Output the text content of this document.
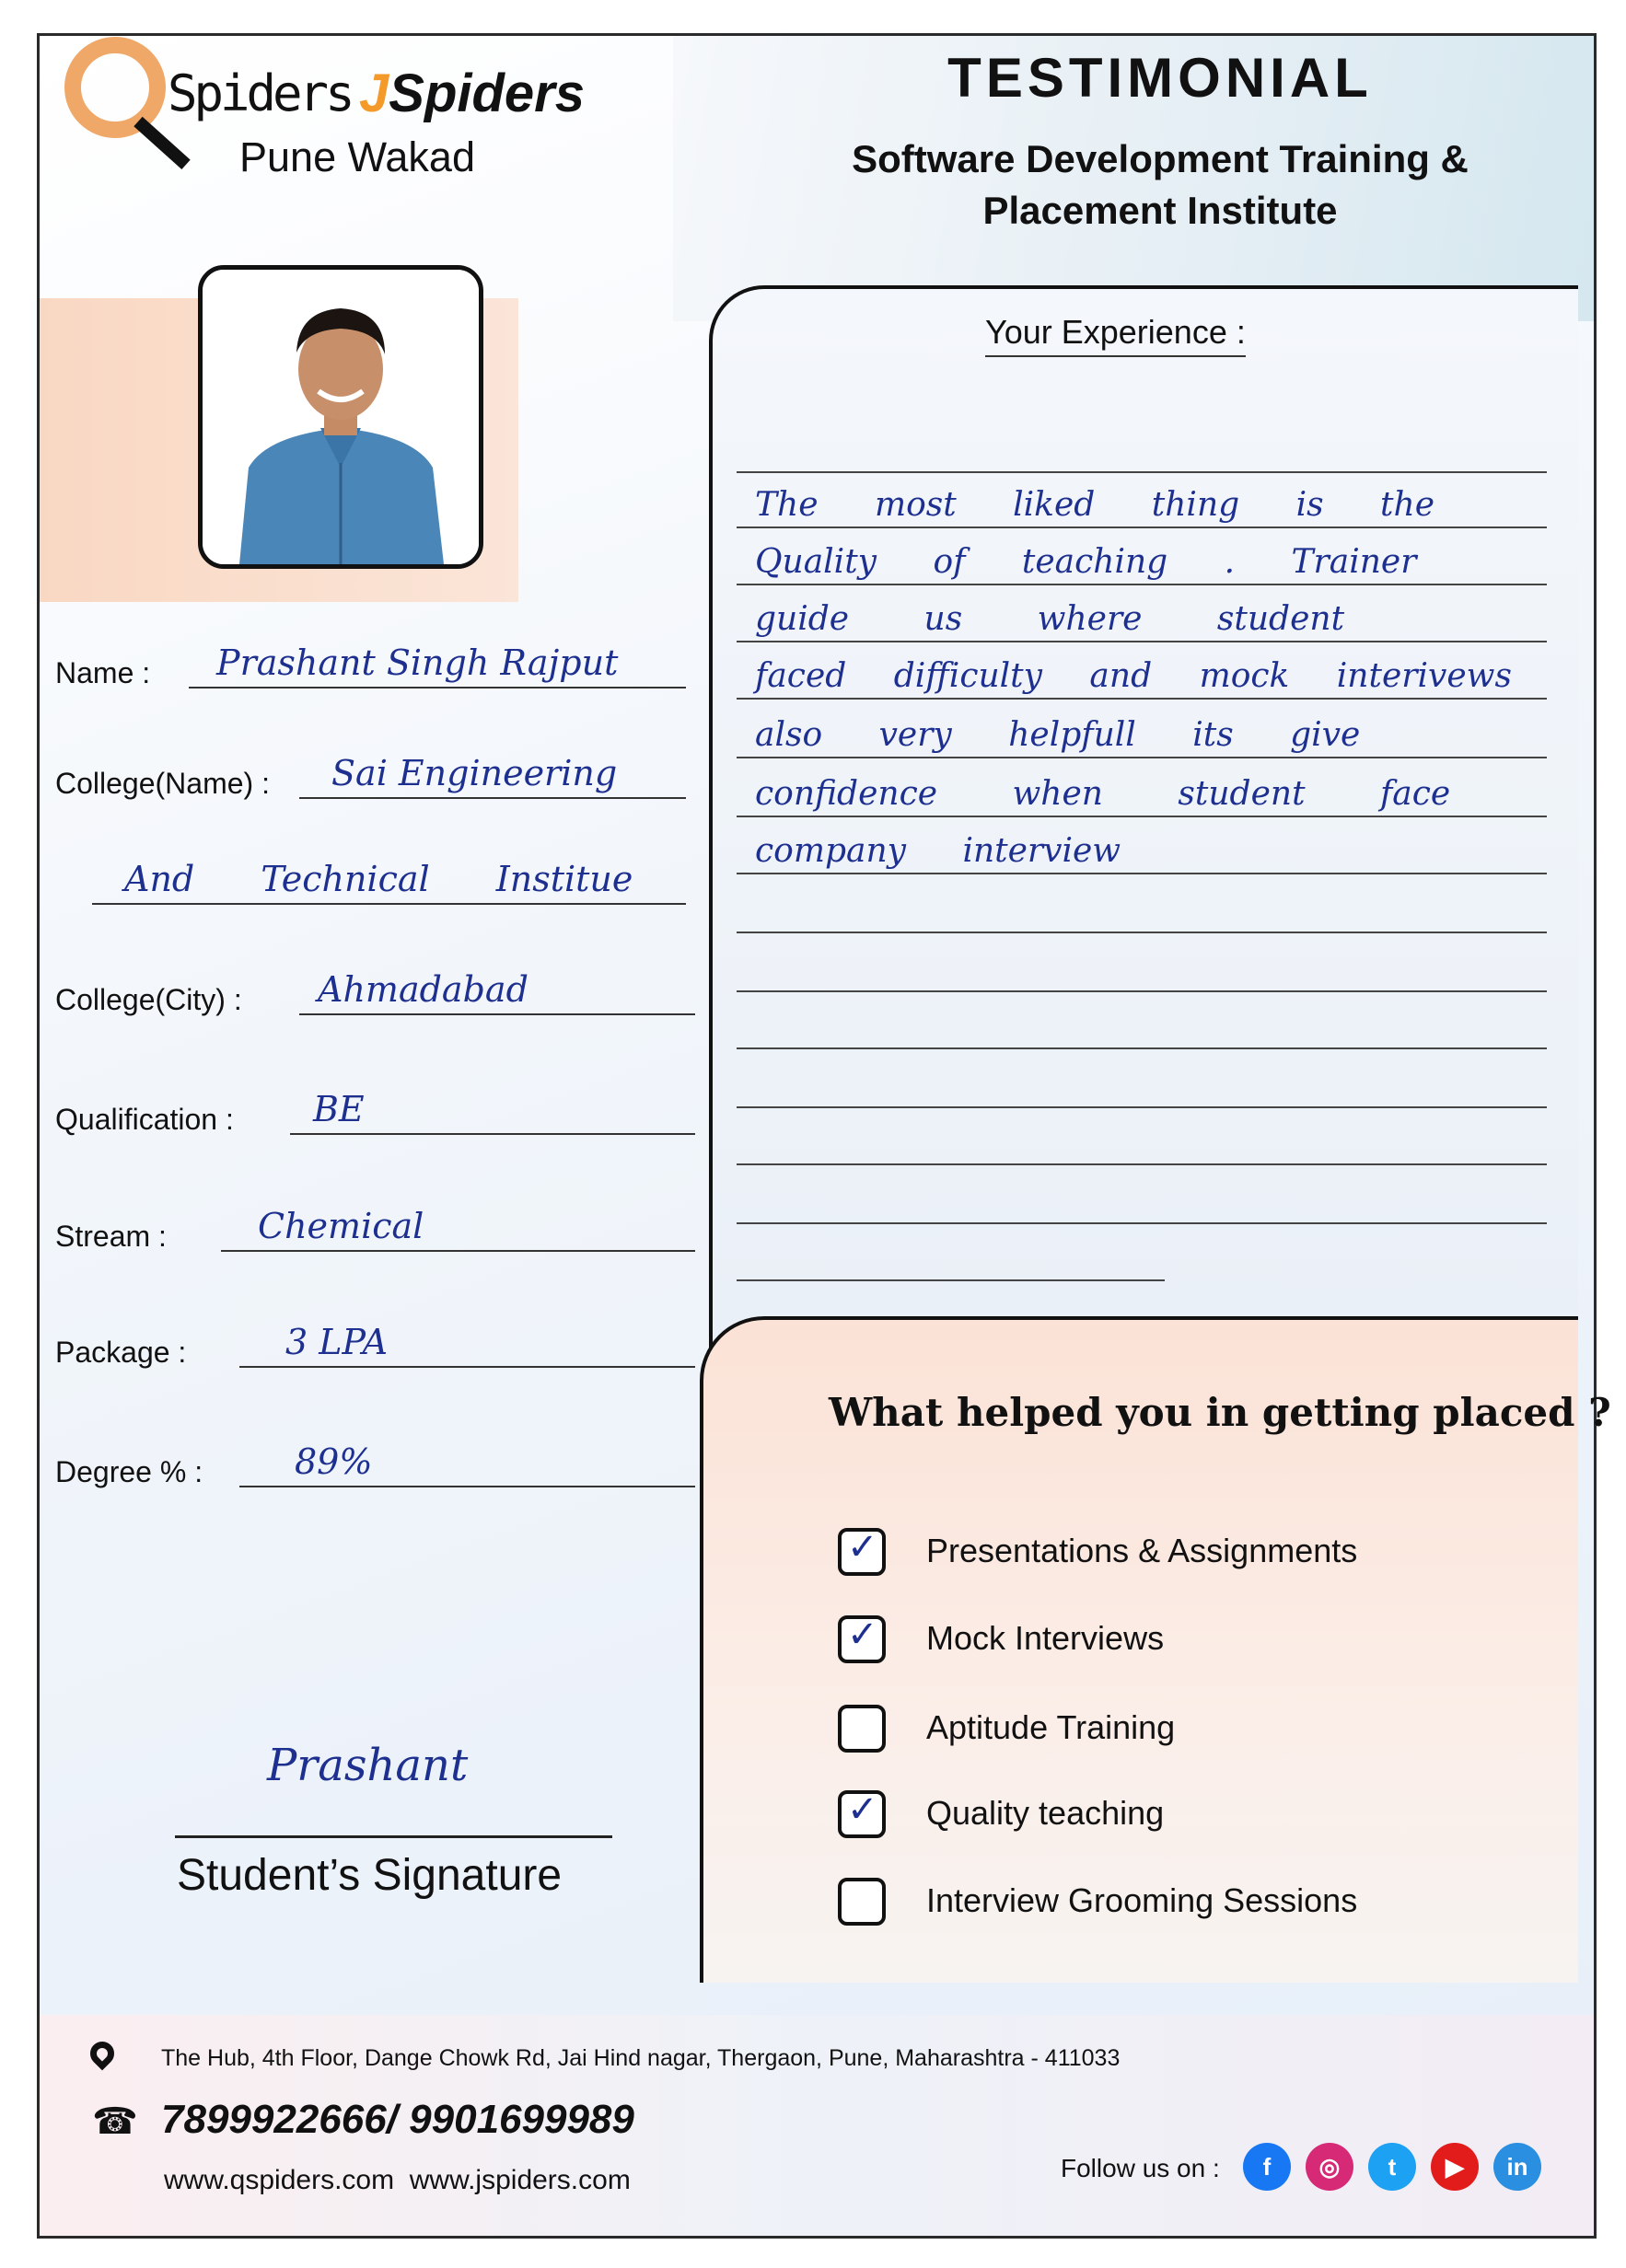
Spiders JSpiders
Pune Wakad
TESTIMONIAL
Software Development Training &
Placement Institute
Name : Prashant Singh Rajput
College(Name) : Sai Engineering
And Technical Institue
College(City) : Ahmadabad
Qualification : BE
Stream :	Chemical
Package :	3 LPA
Degree % :	89%
Your Experience :
The most liked thing is the
Quality of teaching . Trainer
guide us where student
faced difficulty and mock interivews
also very helpfull its give
confidence when student face
company interview
What helped you in getting placed ?
✓ Presentations & Assignments
✓ Mock Interviews
Aptitude Training
✓ Quality teaching
Interview Grooming Sessions
Prashant
Student’s Signature
The Hub, 4th Floor, Dange Chowk Rd, Jai Hind nagar, Thergaon, Pune, Maharashtra - 411033
☎ 7899922666/ 9901699989
www.qspiders.com  www.jspiders.com	Follow us on :	f	◎	t	▶	in
